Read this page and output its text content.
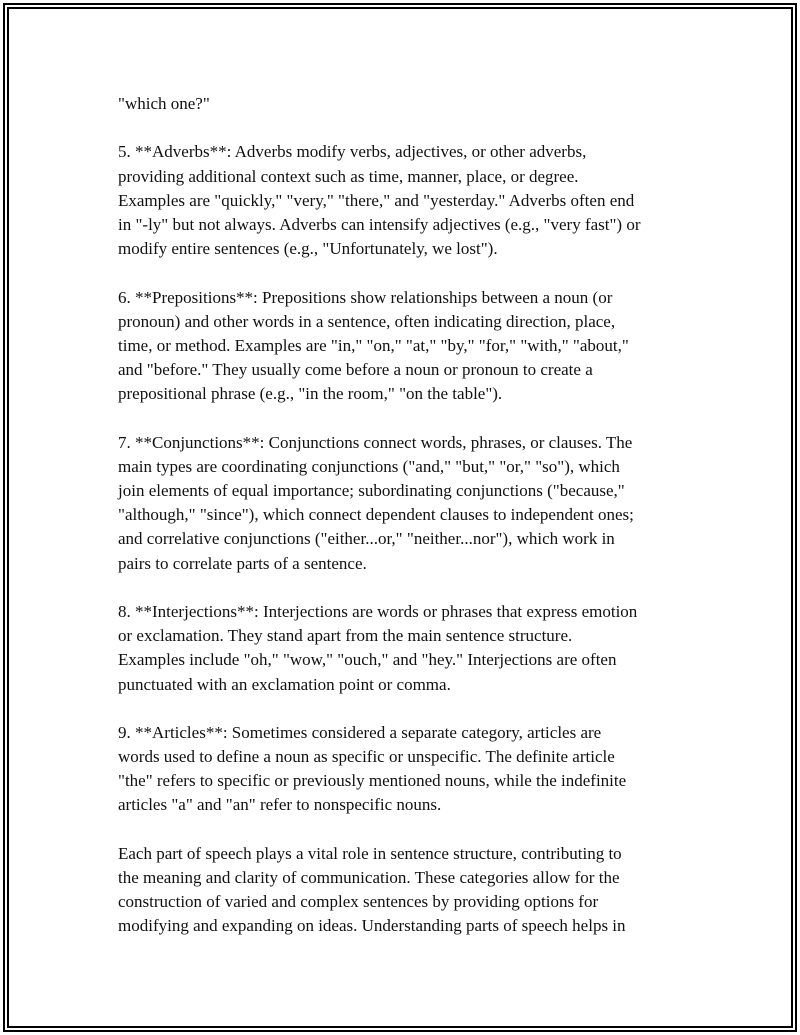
"which one?"
5. **Adverbs**: Adverbs modify verbs, adjectives, or other adverbs,
providing additional context such as time, manner, place, or degree.
Examples are "quickly," "very," "there," and "yesterday." Adverbs often end
in "-ly" but not always. Adverbs can intensify adjectives (e.g., "very fast") or
modify entire sentences (e.g., "Unfortunately, we lost").
6. **Prepositions**: Prepositions show relationships between a noun (or
pronoun) and other words in a sentence, often indicating direction, place,
time, or method. Examples are "in," "on," "at," "by," "for," "with," "about,"
and "before." They usually come before a noun or pronoun to create a
prepositional phrase (e.g., "in the room," "on the table").
7. **Conjunctions**: Conjunctions connect words, phrases, or clauses. The
main types are coordinating conjunctions ("and," "but," "or," "so"), which
join elements of equal importance; subordinating conjunctions ("because,"
"although," "since"), which connect dependent clauses to independent ones;
and correlative conjunctions ("either...or," "neither...nor"), which work in
pairs to correlate parts of a sentence.
8. **Interjections**: Interjections are words or phrases that express emotion
or exclamation. They stand apart from the main sentence structure.
Examples include "oh," "wow," "ouch," and "hey." Interjections are often
punctuated with an exclamation point or comma.
9. **Articles**: Sometimes considered a separate category, articles are
words used to define a noun as specific or unspecific. The definite article
"the" refers to specific or previously mentioned nouns, while the indefinite
articles "a" and "an" refer to nonspecific nouns.
Each part of speech plays a vital role in sentence structure, contributing to
the meaning and clarity of communication. These categories allow for the
construction of varied and complex sentences by providing options for
modifying and expanding on ideas. Understanding parts of speech helps in
